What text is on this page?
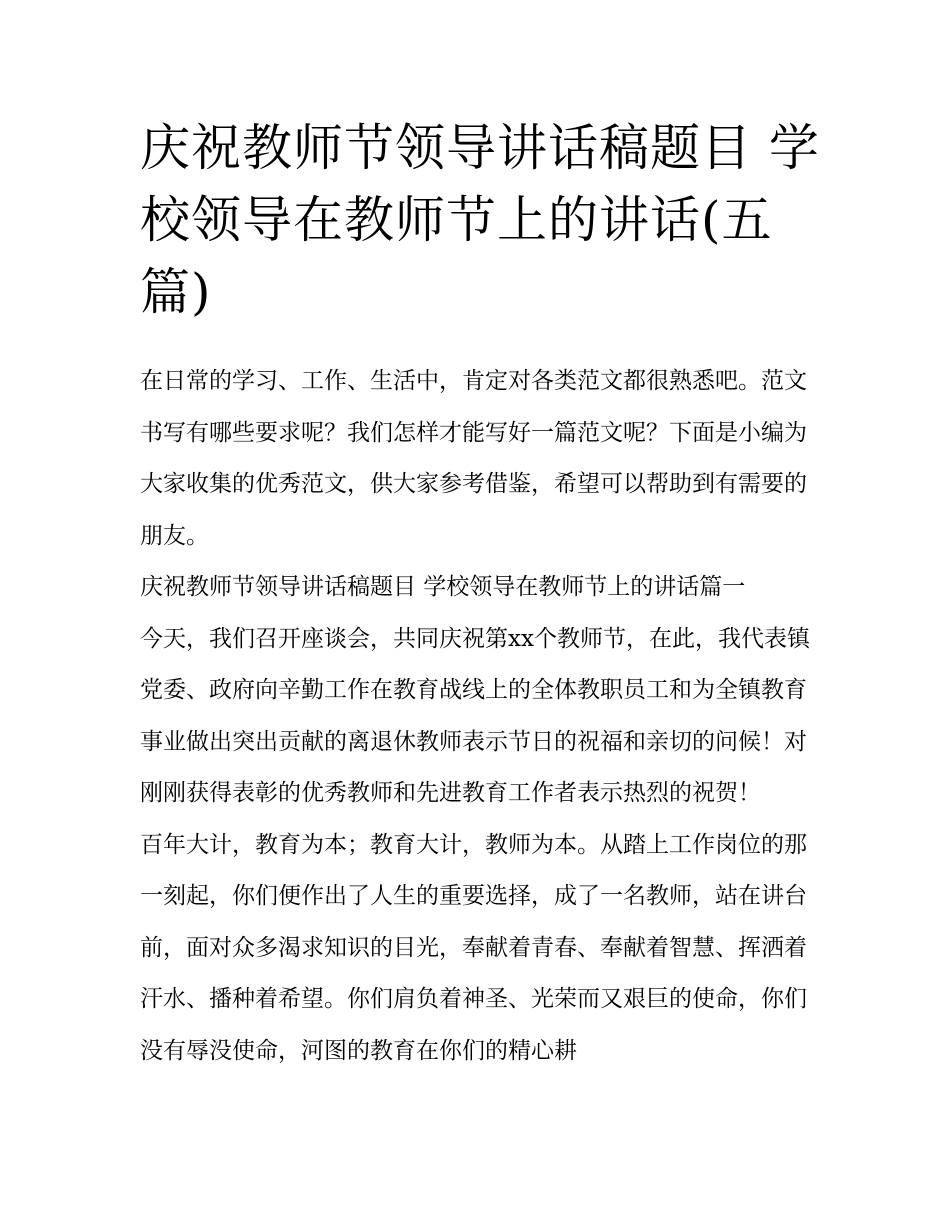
庆祝教师节领导讲话稿题目 学校领导在教师节上的讲话(五篇)

在日常的学习、工作、生活中，肯定对各类范文都很熟悉吧。范文书写有哪些要求呢？我们怎样才能写好一篇范文呢？下面是小编为大家收集的优秀范文，供大家参考借鉴，希望可以帮助到有需要的朋友。

庆祝教师节领导讲话稿题目 学校领导在教师节上的讲话篇一

今天，我们召开座谈会，共同庆祝第xx个教师节，在此，我代表镇党委、政府向辛勤工作在教育战线上的全体教职员工和为全镇教育事业做出突出贡献的离退休教师表示节日的祝福和亲切的问候！对刚刚获得表彰的优秀教师和先进教育工作者表示热烈的祝贺！

百年大计，教育为本；教育大计，教师为本。从踏上工作岗位的那一刻起，你们便作出了人生的重要选择，成了一名教师，站在讲台前，面对众多渴求知识的目光，奉献着青春、奉献着智慧、挥洒着汗水、播种着希望。你们肩负着神圣、光荣而又艰巨的使命，你们没有辱没使命，河图的教育在你们的精心耕
